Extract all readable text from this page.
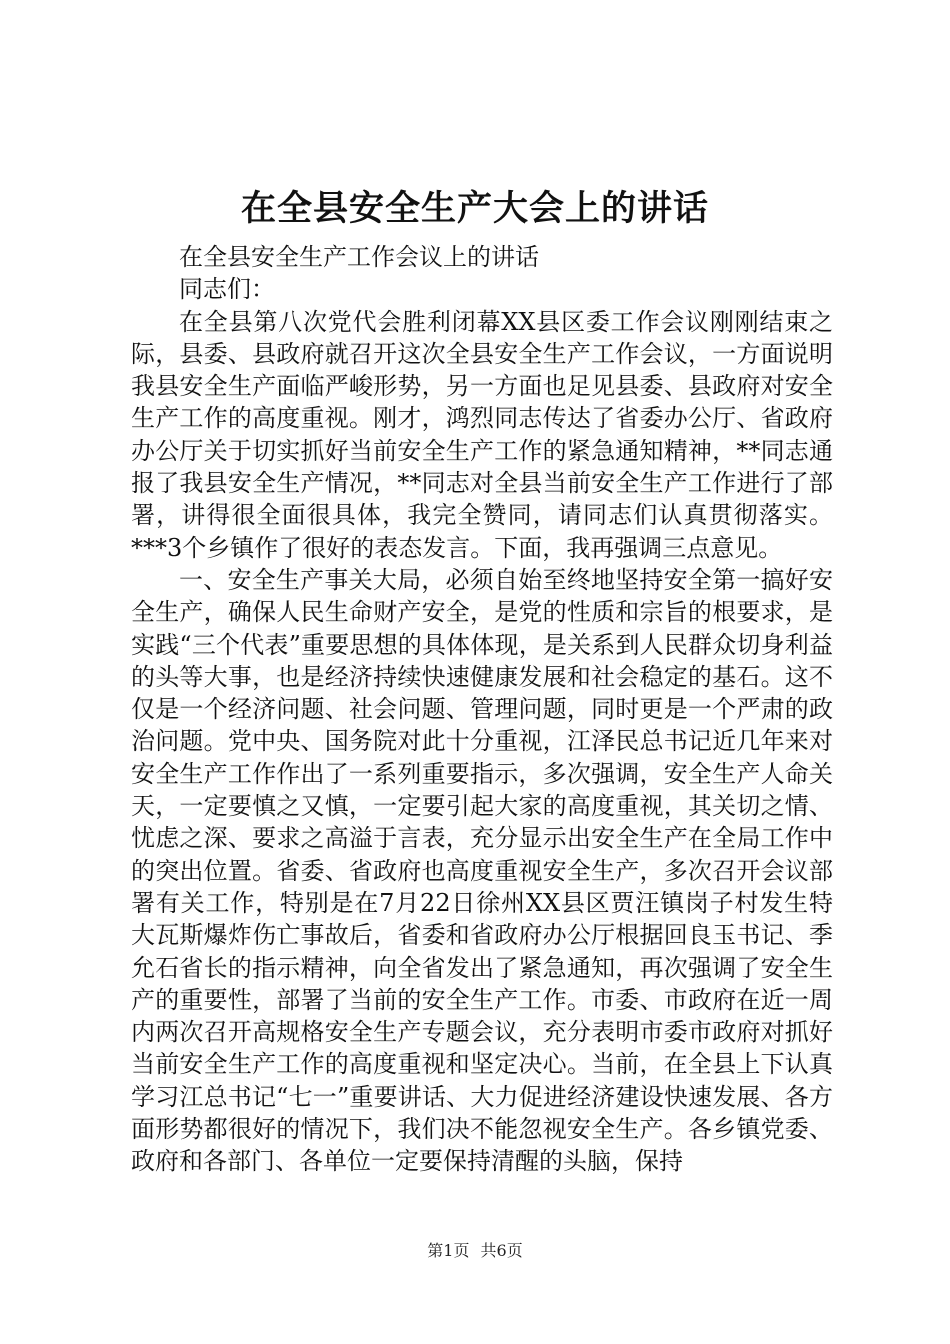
在全县安全生产大会上的讲话

在全县安全生产工作会议上的讲话

同志们：

在全县第八次党代会胜利闭幕XX县区委工作会议刚刚结束之际，县委、县政府就召开这次全县安全生产工作会议，一方面说明我县安全生产面临严峻形势，另一方面也足见县委、县政府对安全生产工作的高度重视。刚才，鸿烈同志传达了省委办公厅、省政府办公厅关于切实抓好当前安全生产工作的紧急通知精神，**同志通报了我县安全生产情况，**同志对全县当前安全生产工作进行了部署，讲得很全面很具体，我完全赞同，请同志们认真贯彻落实。***3个乡镇作了很好的表态发言。下面，我再强调三点意见。

一、安全生产事关大局，必须自始至终地坚持安全第一搞好安全生产，确保人民生命财产安全，是党的性质和宗旨的根要求，是实践“三个代表”重要思想的具体体现，是关系到人民群众切身利益的头等大事，也是经济持续快速健康发展和社会稳定的基石。这不仅是一个经济问题、社会问题、管理问题，同时更是一个严肃的政治问题。党中央、国务院对此十分重视，江泽民总书记近几年来对安全生产工作作出了一系列重要指示，多次强调，安全生产人命关天，一定要慎之又慎，一定要引起大家的高度重视，其关切之情、忧虑之深、要求之高溢于言表，充分显示出安全生产在全局工作中的突出位置。省委、省政府也高度重视安全生产，多次召开会议部署有关工作，特别是在7月22日徐州XX县区贾汪镇岗子村发生特大瓦斯爆炸伤亡事故后，省委和省政府办公厅根据回良玉书记、季允石省长的指示精神，向全省发出了紧急通知，再次强调了安全生产的重要性，部署了当前的安全生产工作。市委、市政府在近一周内两次召开高规格安全生产专题会议，充分表明市委市政府对抓好当前安全生产工作的高度重视和坚定决心。当前，在全县上下认真学习江总书记“七一”重要讲话、大力促进经济建设快速发展、各方面形势都很好的情况下，我们决不能忽视安全生产。各乡镇党委、政府和各部门、各单位一定要保持清醒的头脑，保持

第1页 共6页
